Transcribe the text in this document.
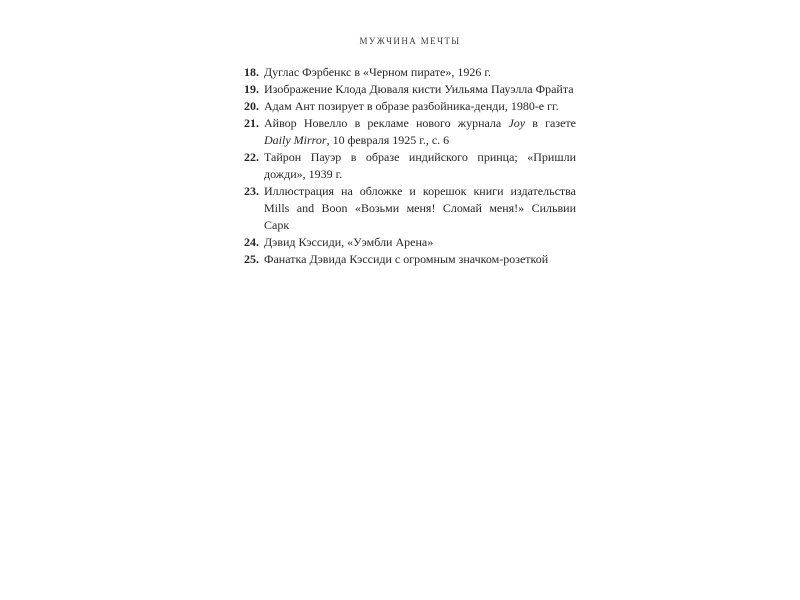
МУЖЧИНА МЕЧТЫ
18. Дуглас Фэрбенкс в «Черном пирате», 1926 г.
19. Изображение Клода Дюваля кисти Уильяма Пауэлла Фрайта
20. Адам Ант позирует в образе разбойника-денди, 1980-е гг.
21. Айвор Новелло в рекламе нового журнала Joy в газете
Daily Mirror, 10 февраля 1925 г., с. 6
22. Тайрон Пауэр в образе индийского принца; «Пришли
дожди», 1939 г.
23. Иллюстрация на обложке и корешок книги издательства
Mills and Boon «Возьми меня! Сломай меня!» Сильвии
Сарк
24. Дэвид Кэссиди, «Уэмбли Арена»
25. Фанатка Дэвида Кэссиди с огромным значком-розеткой
